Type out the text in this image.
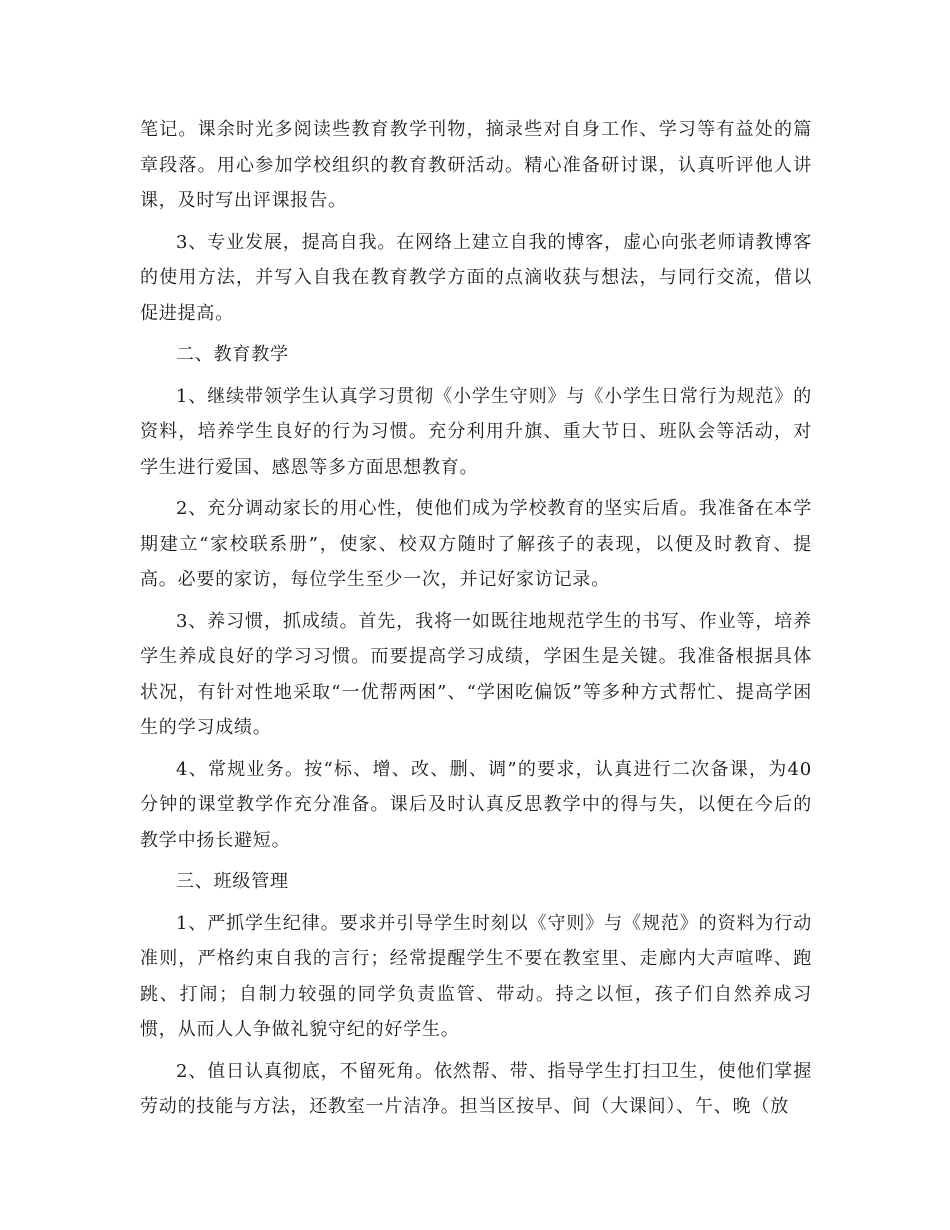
笔记。课余时光多阅读些教育教学刊物，摘录些对自身工作、学习等有益处的篇章段落。用心参加学校组织的教育教研活动。精心准备研讨课，认真听评他人讲课，及时写出评课报告。

3、专业发展，提高自我。在网络上建立自我的博客，虚心向张老师请教博客的使用方法，并写入自我在教育教学方面的点滴收获与想法，与同行交流，借以促进提高。

二、教育教学

1、继续带领学生认真学习贯彻《小学生守则》与《小学生日常行为规范》的资料，培养学生良好的行为习惯。充分利用升旗、重大节日、班队会等活动，对学生进行爱国、感恩等多方面思想教育。

2、充分调动家长的用心性，使他们成为学校教育的坚实后盾。我准备在本学期建立“家校联系册”，使家、校双方随时了解孩子的表现，以便及时教育、提高。必要的家访，每位学生至少一次，并记好家访记录。

3、养习惯，抓成绩。首先，我将一如既往地规范学生的书写、作业等，培养学生养成良好的学习习惯。而要提高学习成绩，学困生是关键。我准备根据具体状况，有针对性地采取“一优帮两困”、“学困吃偏饭”等多种方式帮忙、提高学困生的学习成绩。

4、常规业务。按“标、增、改、删、调”的要求，认真进行二次备课，为40分钟的课堂教学作充分准备。课后及时认真反思教学中的得与失，以便在今后的教学中扬长避短。

三、班级管理

1、严抓学生纪律。要求并引导学生时刻以《守则》与《规范》的资料为行动准则，严格约束自我的言行；经常提醒学生不要在教室里、走廊内大声喧哗、跑跳、打闹；自制力较强的同学负责监管、带动。持之以恒，孩子们自然养成习惯，从而人人争做礼貌守纪的好学生。

2、值日认真彻底，不留死角。依然帮、带、指导学生打扫卫生，使他们掌握劳动的技能与方法，还教室一片洁净。担当区按早、间（大课间）、午、晚（放
